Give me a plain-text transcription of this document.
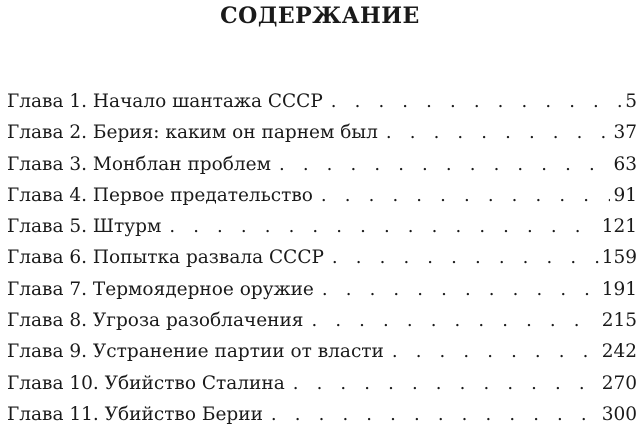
СОДЕРЖАНИЕ
Глава 1. Начало шантажа СССР . . .	5
Глава 2. Берия: каким он парнем был . . .	37
Глава 3. Монблан проблем . . .	63
Глава 4. Первое предательство . . .	91
Глава 5. Штурм . . .	121
Глава 6. Попытка развала СССР . . .	159
Глава 7. Термоядерное оружие . . .	191
Глава 8. Угроза разоблачения . . .	215
Глава 9. Устранение партии от власти . . .	242
Глава 10. Убийство Сталина . . .	270
Глава 11. Убийство Берии . . .	300
